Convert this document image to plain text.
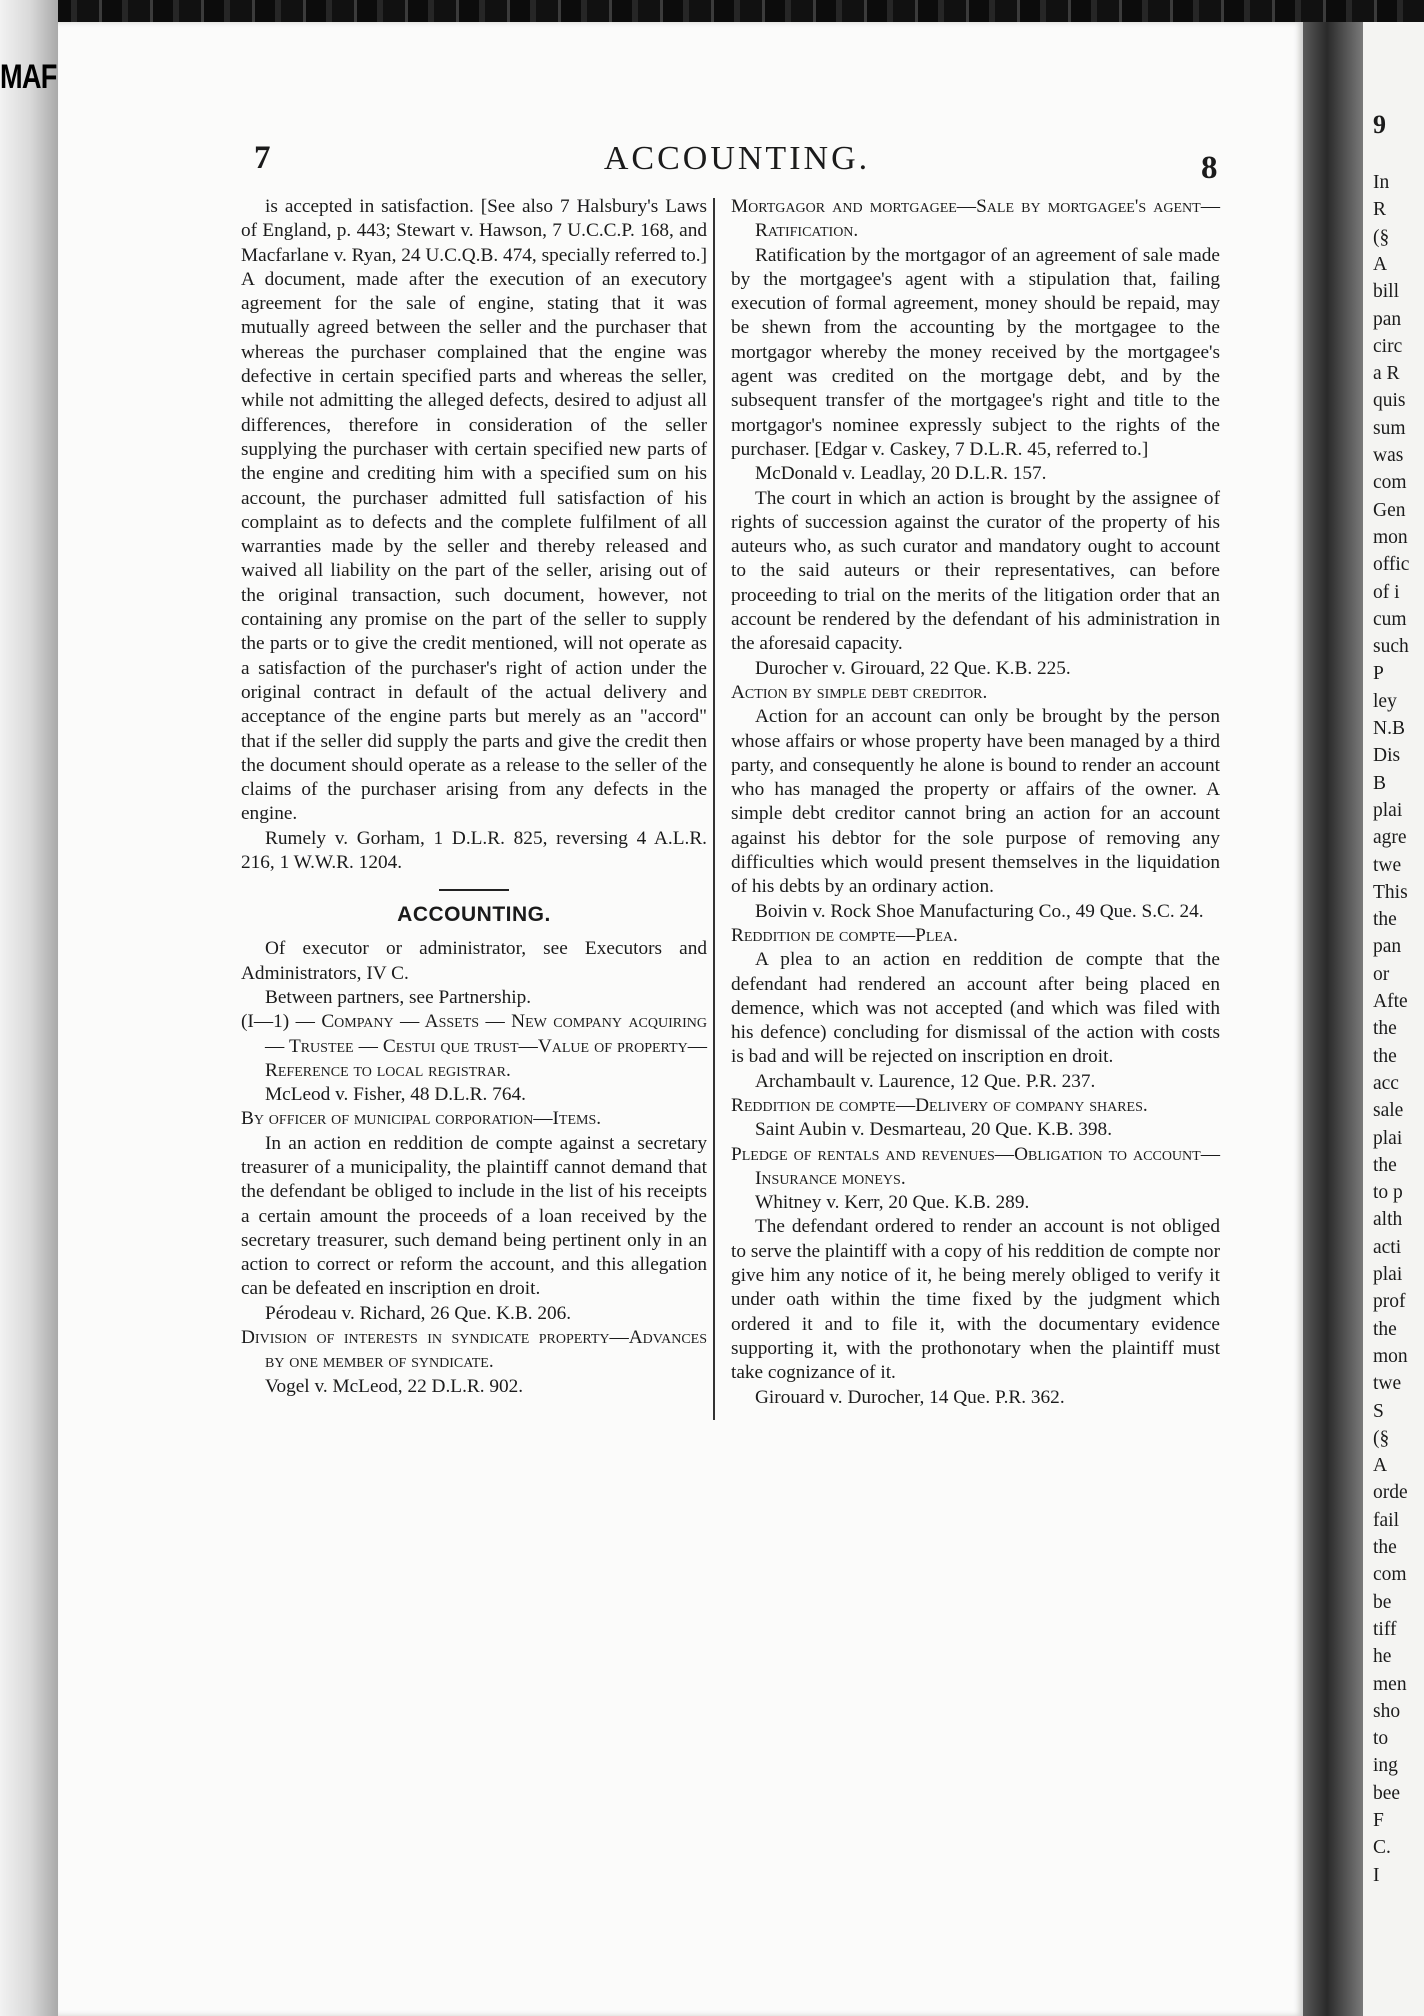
MAF
9
In
R
(§
A
bill
pan
circ
a R
quis
sum
was
com
Gen
mon
offic
of i
cum
such
P
ley
N.B
Dis
B
plai
agre
twe
This
the
pan
or
Afte
the
the
acc
sale
plai
the
to p
alth
acti
plai
prof
the
mon
twe
S
(§
A
orde
fail
the
com
be
tiff
he
men
sho
to
ing
bee
F
C.
I
7	ACCOUNTING.	8

is accepted in satisfaction. [See also 7 Halsbury's Laws of England, p. 443; Stewart v. Hawson, 7 U.C.C.P. 168, and Macfarlane v. Ryan, 24 U.C.Q.B. 474, specially referred to.] A document, made after the execution of an executory agreement for the sale of engine, stating that it was mutually agreed between the seller and the purchaser that whereas the purchaser complained that the engine was defective in certain specified parts and whereas the seller, while not admitting the alleged defects, desired to adjust all differences, therefore in consideration of the seller supplying the purchaser with certain specified new parts of the engine and crediting him with a specified sum on his account, the purchaser admitted full satisfaction of his complaint as to defects and the complete fulfilment of all warranties made by the seller and thereby released and waived all liability on the part of the seller, arising out of the original transaction, such document, however, not containing any promise on the part of the seller to supply the parts or to give the credit mentioned, will not operate as a satisfaction of the purchaser's right of action under the original contract in default of the actual delivery and acceptance of the engine parts but merely as an "accord" that if the seller did supply the parts and give the credit then the document should operate as a release to the seller of the claims of the purchaser arising from any defects in the engine.

Rumely v. Gorham, 1 D.L.R. 825, reversing 4 A.L.R. 216, 1 W.W.R. 1204.

ACCOUNTING.

Of executor or administrator, see Executors and Administrators, IV C.

Between partners, see Partnership.

(I—1) — Company — Assets — New company acquiring — Trustee — Cestui que trust—Value of property—Reference to local registrar.

McLeod v. Fisher, 48 D.L.R. 764.

By officer of municipal corporation—Items.

In an action en reddition de compte against a secretary treasurer of a municipality, the plaintiff cannot demand that the defendant be obliged to include in the list of his receipts a certain amount the proceeds of a loan received by the secretary treasurer, such demand being pertinent only in an action to correct or reform the account, and this allegation can be defeated en inscription en droit.

Pérodeau v. Richard, 26 Que. K.B. 206.

Division of interests in syndicate property—Advances by one member of syndicate.

Vogel v. McLeod, 22 D.L.R. 902.

Mortgagor and mortgagee—Sale by mortgagee's agent—Ratification.

Ratification by the mortgagor of an agreement of sale made by the mortgagee's agent with a stipulation that, failing execution of formal agreement, money should be repaid, may be shewn from the accounting by the mortgagee to the mortgagor whereby the money received by the mortgagee's agent was credited on the mortgage debt, and by the subsequent transfer of the mortgagee's right and title to the mortgagor's nominee expressly subject to the rights of the purchaser. [Edgar v. Caskey, 7 D.L.R. 45, referred to.]

McDonald v. Leadlay, 20 D.L.R. 157.

The court in which an action is brought by the assignee of rights of succession against the curator of the property of his auteurs who, as such curator and mandatory ought to account to the said auteurs or their representatives, can before proceeding to trial on the merits of the litigation order that an account be rendered by the defendant of his administration in the aforesaid capacity.

Durocher v. Girouard, 22 Que. K.B. 225.

Action by simple debt creditor.

Action for an account can only be brought by the person whose affairs or whose property have been managed by a third party, and consequently he alone is bound to render an account who has managed the property or affairs of the owner. A simple debt creditor cannot bring an action for an account against his debtor for the sole purpose of removing any difficulties which would present themselves in the liquidation of his debts by an ordinary action.

Boivin v. Rock Shoe Manufacturing Co., 49 Que. S.C. 24.

Reddition de compte—Plea.

A plea to an action en reddition de compte that the defendant had rendered an account after being placed en demence, which was not accepted (and which was filed with his defence) concluding for dismissal of the action with costs is bad and will be rejected on inscription en droit.

Archambault v. Laurence, 12 Que. P.R. 237.

Reddition de compte—Delivery of company shares.

Saint Aubin v. Desmarteau, 20 Que. K.B. 398.

Pledge of rentals and revenues—Obligation to account—Insurance moneys.

Whitney v. Kerr, 20 Que. K.B. 289.

The defendant ordered to render an account is not obliged to serve the plaintiff with a copy of his reddition de compte nor give him any notice of it, he being merely obliged to verify it under oath within the time fixed by the judgment which ordered it and to file it, with the documentary evidence supporting it, with the prothonotary when the plaintiff must take cognizance of it.

Girouard v. Durocher, 14 Que. P.R. 362.
